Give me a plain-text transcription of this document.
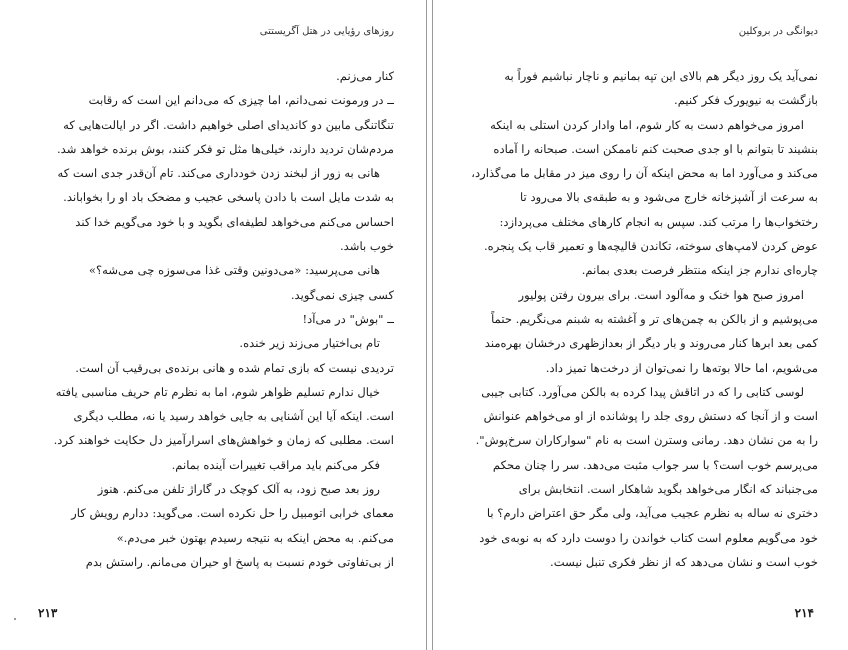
روزهای رؤیایی در هتل آگریستتی
کنار می‌زنم.
ــ در ورمونت نمی‌دانم، اما چیزی که می‌دانم این است که رقابت
تنگاتنگی مابین دو کاندیدای اصلی خواهیم داشت. اگر در ایالت‌هایی که
مردم‌شان تردید دارند، خیلی‌ها مثل تو فکر کنند، بوش برنده خواهد شد.
هانی به زور از لبخند زدن خودداری می‌کند. تام آن‌قدر جدی است که
به شدت مایل است با دادن پاسخی عجیب و مضحک باد او را بخواباند.
احساس می‌کنم می‌خواهد لطیفه‌ای بگوید و با خود می‌گویم خدا کند
خوب باشد.
هانی می‌پرسید: «می‌دونین وقتی غذا می‌سوزه چی می‌شه؟»
کسی چیزی نمی‌گوید.
ــ "بوش" در می‌آد!
تام بی‌اختیار می‌زند زیر خنده.
تردیدی نیست که بازی تمام شده و هانی برنده‌ی بی‌رقیب آن است.
خیال ندارم تسلیم ظواهر شوم، اما به نظرم تام حریف مناسبی یافته
است. اینکه آیا این آشنایی به جایی خواهد رسید یا نه، مطلب دیگری
است. مطلبی که زمان و خواهش‌های اسرارآمیز دل حکایت خواهند کرد.
فکر می‌کنم باید مراقب تغییرات آینده بمانم.
روز بعد صبح زود، به آلک کوچک در گاراژ تلفن می‌کنم. هنوز
معمای خرابی اتومبیل را حل نکرده است. می‌گوید: ددارم رویش کار
می‌کنم. به محض اینکه به نتیجه رسیدم بهتون خبر می‌دم.»
از بی‌تفاوتی خودم نسبت به پاسخ او حیران می‌مانم. راستش بدم
۲۱۳
دیوانگی در بروکلین
نمی‌آید یک روز دیگر هم بالای این تپه بمانیم و ناچار نباشیم فوراً به
بازگشت به نیویورک فکر کنیم.
امروز می‌خواهم دست به کار شوم، اما وادار کردن استلی به اینکه
بنشیند تا بتوانم با او جدی صحبت کنم ناممکن است. صبحانه را آماده
می‌کند و می‌آورد اما به محض اینکه آن را روی میز در مقابل ما می‌گذارد،
به سرعت از آشپزخانه خارج می‌شود و به طبقه‌ی بالا می‌رود تا
رختخواب‌ها را مرتب کند. سپس به انجام کارهای مختلف می‌پردازد:
عوض کردن لامپ‌های سوخته، تکاندن قالیچه‌ها و تعمیر قاب یک پنجره.
چاره‌ای ندارم جز اینکه منتظر فرصت بعدی بمانم.
امروز صبح هوا خنک و مه‌آلود است. برای بیرون رفتن پولیور
می‌پوشیم و از بالکن به چمن‌های تر و آغشته به شبنم می‌نگریم. حتماً
کمی بعد ابرها کنار می‌روند و بار دیگر از بعدازظهری درخشان بهره‌مند
می‌شویم، اما حالا بوته‌ها را نمی‌توان از درخت‌ها تمیز داد.
لوسی کتابی را که در اتاقش پیدا کرده به بالکن می‌آورد. کتابی جیبی
است و از آنجا که دستش روی جلد را پوشانده از او می‌خواهم عنوانش
را به من نشان دهد. رمانی وسترن است به نام "سوارکاران سرخ‌پوش".
می‌پرسم خوب است؟ با سر جواب مثبت می‌دهد. سر را چنان محکم
می‌جنباند که انگار می‌خواهد بگوید شاهکار است. انتخابش برای
دختری نه ساله به نظرم عجیب می‌آید، ولی مگر حق اعتراض دارم؟ با
خود می‌گویم معلوم است کتاب خواندن را دوست دارد که به نوبه‌ی خود
خوب است و نشان می‌دهد که از نظر فکری تنبل نیست.
۲۱۴
